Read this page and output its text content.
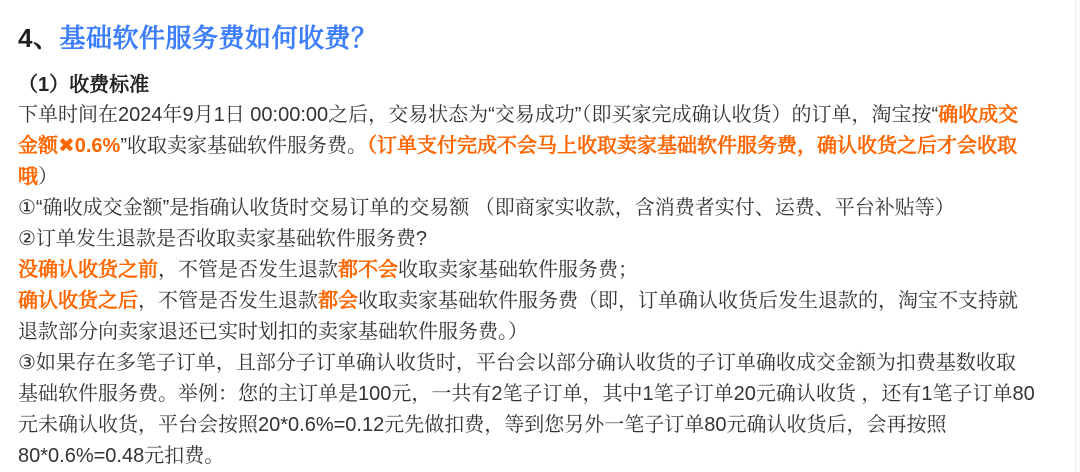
4、基础软件服务费如何收费？
（1）收费标准
下单时间在2024年9月1日 00:00:00之后，交易状态为“交易成功”（即买家完成确认收货）的订单，淘宝按“确收成交
金额✖0.6%”收取卖家基础软件服务费。（订单支付完成不会马上收取卖家基础软件服务费，确认收货之后才会收取
哦）
①“确收成交金额”是指确认收货时交易订单的交易额 （即商家实收款，含消费者实付、运费、平台补贴等）
②订单发生退款是否收取卖家基础软件服务费?
没确认收货之前，不管是否发生退款都不会收取卖家基础软件服务费；
确认收货之后，不管是否发生退款都会收取卖家基础软件服务费（即，订单确认收货后发生退款的，淘宝不支持就
退款部分向卖家退还已实时划扣的卖家基础软件服务费。）
③如果存在多笔子订单，且部分子订单确认收货时，平台会以部分确认收货的子订单确收成交金额为扣费基数收取
基础软件服务费。举例：您的主订单是100元，一共有2笔子订单，其中1笔子订单20元确认收货 ，还有1笔子订单80
元未确认收货，平台会按照20*0.6%=0.12元先做扣费，等到您另外一笔子订单80元确认收货后，会再按照
80*0.6%=0.48元扣费。
